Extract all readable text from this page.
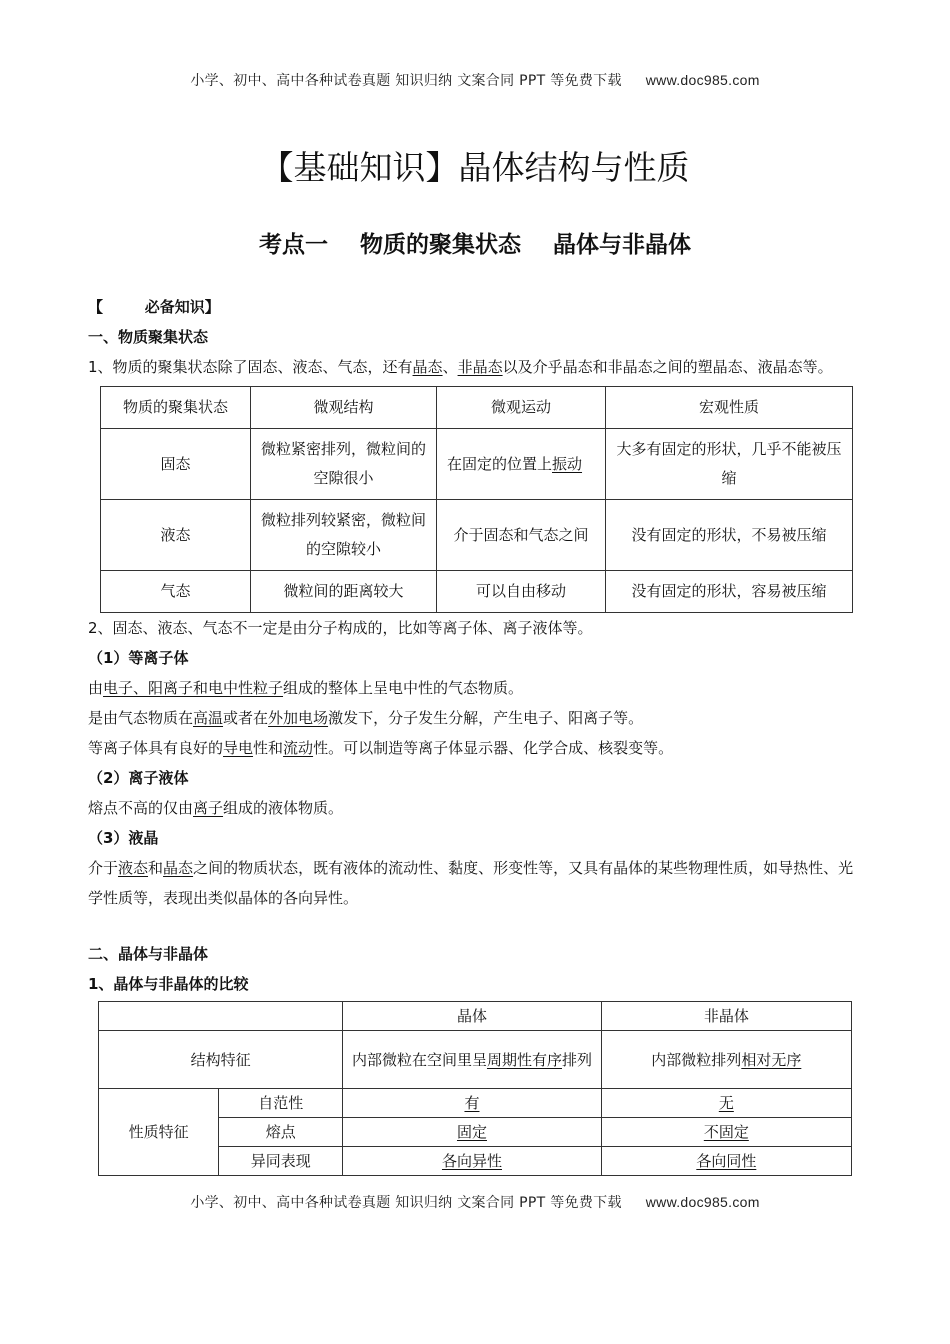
小学、初中、高中各种试卷真题 知识归纳 文案合同 PPT 等免费下载 www.doc985.com
【基础知识】晶体结构与性质
考点一    物质的聚集状态    晶体与非晶体

【        必备知识】

一、物质聚集状态

1、物质的聚集状态除了固态、液态、气态，还有晶态、非晶态以及介乎晶态和非晶态之间的塑晶态、液晶态等。

物质的聚集状态	微观结构	微观运动	宏观性质
固态	微粒紧密排列，微粒间的空隙很小	在固定的位置上振动	大多有固定的形状，几乎不能被压缩
液态	微粒排列较紧密，微粒间的空隙较小	介于固态和气态之间	没有固定的形状，不易被压缩
气态	微粒间的距离较大	可以自由移动	没有固定的形状，容易被压缩

2、固态、液态、气态不一定是由分子构成的，比如等离子体、离子液体等。

（1）等离子体

由电子、阳离子和电中性粒子组成的整体上呈电中性的气态物质。

是由气态物质在高温或者在外加电场激发下，分子发生分解，产生电子、阳离子等。

等离子体具有良好的导电性和流动性。可以制造等离子体显示器、化学合成、核裂变等。

（2）离子液体

熔点不高的仅由离子组成的液体物质。

（3）液晶

介于液态和晶态之间的物质状态，既有液体的流动性、黏度、形变性等，又具有晶体的某些物理性质，如导热性、光学性质等，表现出类似晶体的各向异性。

二、晶体与非晶体

1、晶体与非晶体的比较

		晶体	非晶体
结构特征		内部微粒在空间里呈周期性有序排列	内部微粒排列相对无序
性质特征	自范性	有	无
	熔点	固定	不固定
	异同表现	各向异性	各向同性
小学、初中、高中各种试卷真题 知识归纳 文案合同 PPT 等免费下载 www.doc985.com
